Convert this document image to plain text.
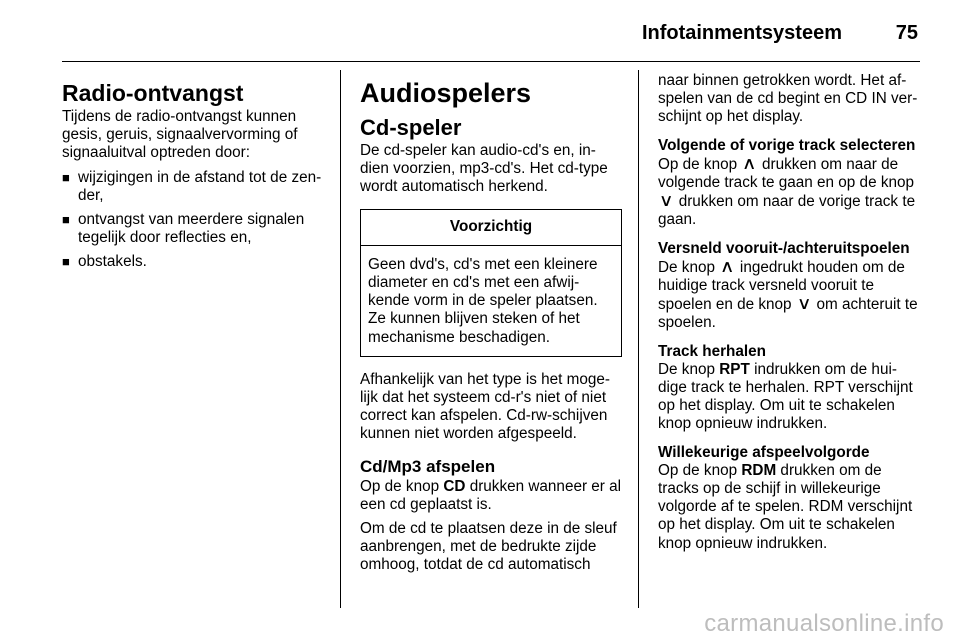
Infotainmentsysteem	75
Radio-ontvangst

Tijdens de radio-ontvangst kunnen gesis, geruis, signaalvervorming of signaaluitval optreden door:

■ wijzigingen in de afstand tot de zen-der,
■ ontvangst van meerdere signalen tegelijk door reflecties en,
■ obstakels.
Audiospelers
Cd-speler

De cd-speler kan audio-cd's en, in-dien voorzien, mp3-cd's. Het cd-type wordt automatisch herkend.

Voorzichtig
Geen dvd's, cd's met een kleinere diameter en cd's met een afwij-kende vorm in de speler plaatsen. Ze kunnen blijven steken of het mechanisme beschadigen.

Afhankelijk van het type is het moge-lijk dat het systeem cd-r's niet of niet correct kan afspelen. Cd-rw-schijven kunnen niet worden afgespeeld.

Cd/Mp3 afspelen

Op de knop CD drukken wanneer er al een cd geplaatst is.

Om de cd te plaatsen deze in de sleuf aanbrengen, met de bedrukte zijde omhoog, totdat de cd automatisch

naar binnen getrokken wordt. Het af-spelen van de cd begint en CD IN ver-schijnt op het display.

Volgende of vorige track selecteren

Op de knop ∧ drukken om naar de volgende track te gaan en op de knop ∨ drukken om naar de vorige track te gaan.

Versneld vooruit-/achteruitspoelen

De knop ∧ ingedrukt houden om de huidige track versneld vooruit te spoelen en de knop ∨ om achteruit te spoelen.

Track herhalen

De knop RPT indrukken om de hui-dige track te herhalen. RPT verschijnt op het display. Om uit te schakelen knop opnieuw indrukken.

Willekeurige afspeelvolgorde

Op de knop RDM drukken om de tracks op de schijf in willekeurige volgorde af te spelen. RDM verschijnt op het display. Om uit te schakelen knop opnieuw indrukken.

carmanualsonline.info
